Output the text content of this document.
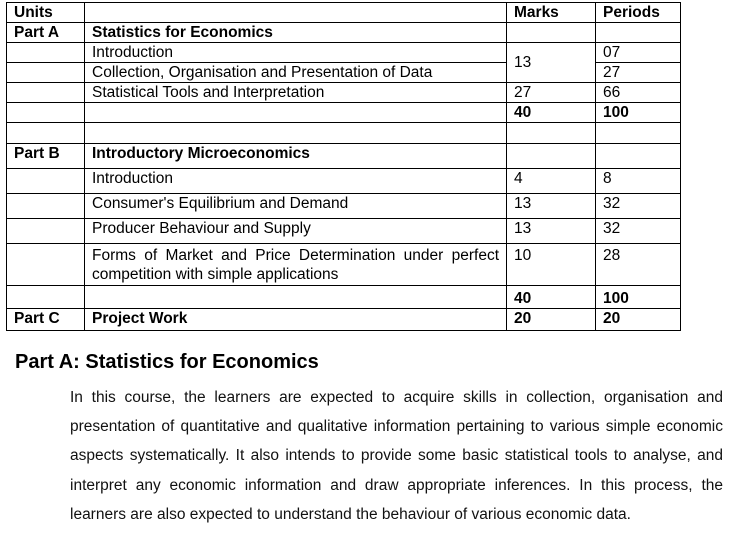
Units		Marks	Periods
Part A	Statistics for Economics		
	Introduction	13	07
	Collection, Organisation and Presentation of Data		27
	Statistical Tools and Interpretation	27	66
		40	100

Part B	Introductory Microeconomics		
	Introduction	4	8
	Consumer's Equilibrium and Demand	13	32
	Producer Behaviour and Supply	13	32
	Forms of Market and Price Determination under perfect competition with simple applications	10	28
		40	100
Part C	Project Work	20	20
Part A: Statistics for Economics

In this course, the learners are expected to acquire skills in collection, organisation and presentation of quantitative and qualitative information pertaining to various simple economic aspects systematically. It also intends to provide some basic statistical tools to analyse, and interpret any economic information and draw appropriate inferences. In this process, the learners are also expected to understand the behaviour of various economic data.
